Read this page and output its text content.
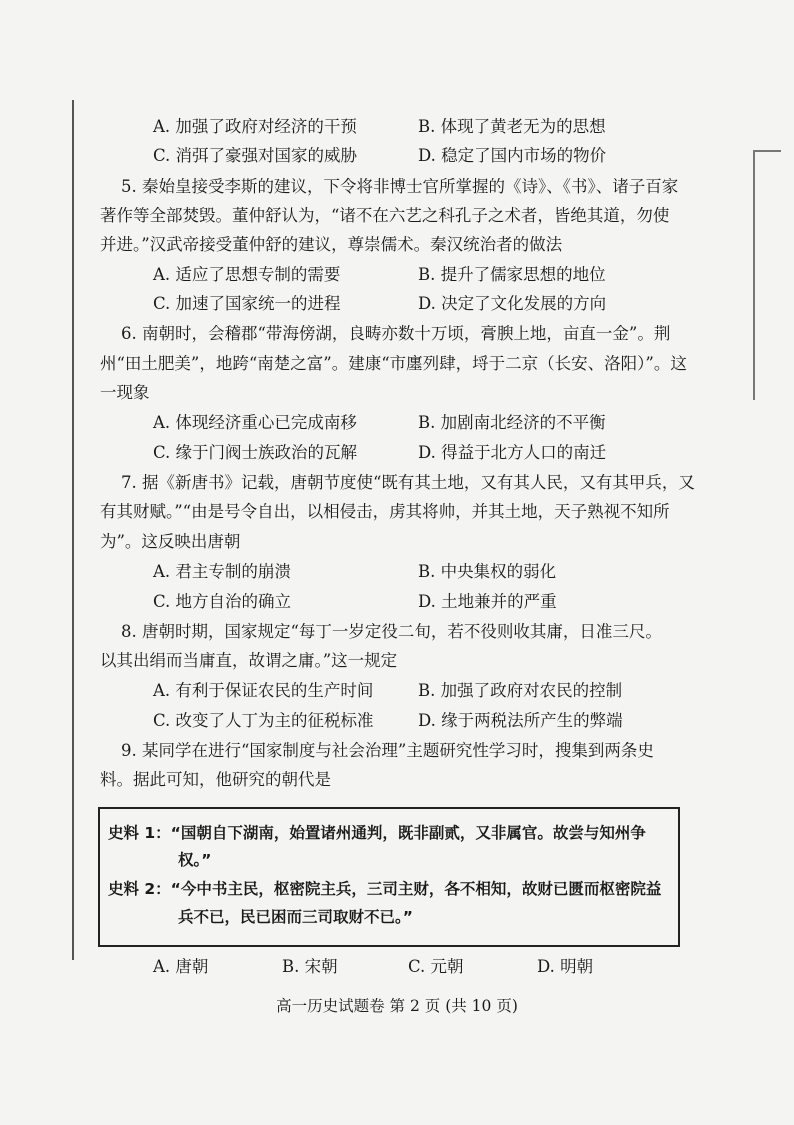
A. 加强了政府对经济的干预	B. 体现了黄老无为的思想
C. 消弭了豪强对国家的威胁	D. 稳定了国内市场的物价
5. 秦始皇接受李斯的建议，下令将非博士官所掌握的《诗》、《书》、诸子百家
著作等全部焚毁。董仲舒认为，“诸不在六艺之科孔子之术者，皆绝其道，勿使
并进。”汉武帝接受董仲舒的建议，尊崇儒术。秦汉统治者的做法
A. 适应了思想专制的需要	B. 提升了儒家思想的地位
C. 加速了国家统一的进程	D. 决定了文化发展的方向
6. 南朝时，会稽郡“带海傍湖，良畴亦数十万顷，膏腴上地，亩直一金”。荆
州“田土肥美”，地跨“南楚之富”。建康“市廛列肆，埒于二京（长安、洛阳）”。这
一现象
A. 体现经济重心已完成南移	B. 加剧南北经济的不平衡
C. 缘于门阀士族政治的瓦解	D. 得益于北方人口的南迁
7. 据《新唐书》记载，唐朝节度使“既有其土地，又有其人民，又有其甲兵，又
有其财赋。”“由是号令自出，以相侵击，虏其将帅，并其土地，天子熟视不知所
为”。这反映出唐朝
A. 君主专制的崩溃	B. 中央集权的弱化
C. 地方自治的确立	D. 土地兼并的严重
8. 唐朝时期，国家规定“每丁一岁定役二旬，若不役则收其庸，日准三尺。
以其出绢而当庸直，故谓之庸。”这一规定
A. 有利于保证农民的生产时间	B. 加强了政府对农民的控制
C. 改变了人丁为主的征税标准	D. 缘于两税法所产生的弊端
9. 某同学在进行“国家制度与社会治理”主题研究性学习时，搜集到两条史
料。据此可知，他研究的朝代是
史料 1：“国朝自下湖南，始置诸州通判，既非副贰，又非属官。故尝与知州争
权。”
史料 2：“今中书主民，枢密院主兵，三司主财，各不相知，故财已匮而枢密院益
兵不已，民已困而三司取财不已。”
A. 唐朝	B. 宋朝	C. 元朝	D. 明朝
高一历史试题卷 第 2 页 (共 10 页)
